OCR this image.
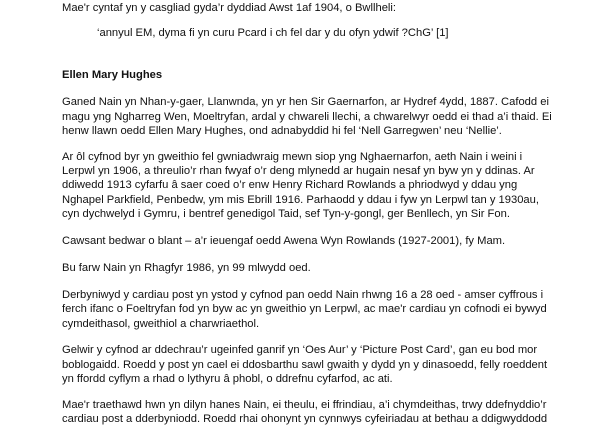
Mae'r cyntaf yn y casgliad gyda’r dyddiad Awst 1af 1904, o Bwllheli:

‘annyul EM, dyma fi yn curu Pcard i ch fel dar y du ofyn ydwif ?ChG’ [1]

Ellen Mary Hughes

Ganed Nain yn Nhan-y-gaer, Llanwnda, yn yr hen Sir Gaernarfon, ar Hydref 4ydd, 1887. Cafodd ei

magu yng Ngharreg Wen, Moeltryfan, ardal y chwareli llechi, a chwarelwyr oedd ei thad a’i thaid. Ei

henw llawn oedd Ellen Mary Hughes, ond adnabyddid hi fel ‘Nell Garregwen’ neu ‘Nellie’.

Ar ôl cyfnod byr yn gweithio fel gwniadwraig mewn siop yng Nghaernarfon, aeth Nain i weini i

Lerpwl yn 1906, a threulio’r rhan fwyaf o’r deng mlynedd ar hugain nesaf yn byw yn y ddinas. Ar

ddiwedd 1913 cyfarfu â saer coed o’r enw Henry Richard Rowlands a phriodwyd y ddau yng

Nghapel Parkfield, Penbedw, ym mis Ebrill 1916. Parhaodd y ddau i fyw yn Lerpwl tan y 1930au,

cyn dychwelyd i Gymru, i bentref genedigol Taid, sef Tyn-y-gongl, ger Benllech, yn Sir Fon.

Cawsant bedwar o blant – a’r ieuengaf oedd Awena Wyn Rowlands (1927-2001), fy Mam.

Bu farw Nain yn Rhagfyr 1986, yn 99 mlwydd oed.

Derbyniwyd y cardiau post yn ystod y cyfnod pan oedd Nain rhwng 16 a 28 oed - amser cyffrous i

ferch ifanc o Foeltryfan fod yn byw ac yn gweithio yn Lerpwl, ac mae'r cardiau yn cofnodi ei bywyd

cymdeithasol, gweithiol a charwriaethol.

Gelwir y cyfnod ar ddechrau’r ugeinfed ganrif yn ‘Oes Aur’ y ‘Picture Post Card’, gan eu bod mor

boblogaidd. Roedd y post yn cael ei ddosbarthu sawl gwaith y dydd yn y dinasoedd, felly roeddent

yn ffordd cyflym a rhad o lythyru â phobl, o ddrefnu cyfarfod, ac ati.

Mae'r traethawd hwn yn dilyn hanes Nain, ei theulu, ei ffrindiau, a’i chymdeithas, trwy ddefnyddio’r

cardiau post a dderbyniodd. Roedd rhai ohonynt yn cynnwys cyfeiriadau at bethau a ddigwyddodd
